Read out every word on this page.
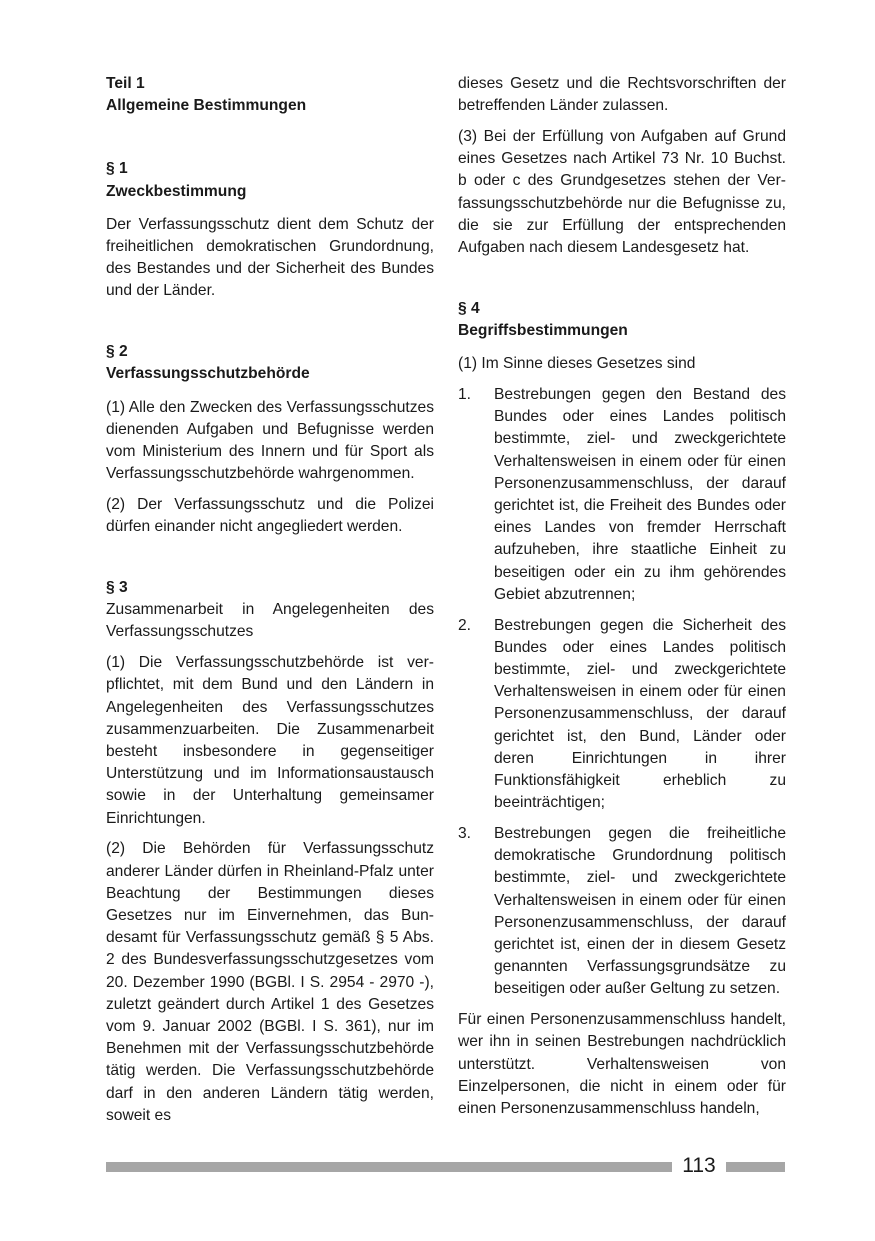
Teil 1
Allgemeine Bestimmungen
§ 1
Zweckbestimmung

Der Verfassungsschutz dient dem Schutz der freiheitlichen demokratischen Grundordnung, des Bestandes und der Sicherheit des Bundes und der Länder.

§ 2
Verfassungsschutzbehörde

(1) Alle den Zwecken des Verfassungsschutzes dienenden Aufgaben und Befugnisse werden vom Ministerium des Innern und für Sport als Verfassungsschutzbehörde wahrgenommen.

(2) Der Verfassungsschutz und die Polizei dürfen einander nicht angegliedert werden.

§ 3
Zusammenarbeit in Angelegenheiten des Verfassungsschutzes

(1) Die Verfassungsschutzbehörde ist verpflichtet, mit dem Bund und den Ländern in Angelegenheiten des Verfassungsschutzes zusammenzuarbeiten. Die Zusammenarbeit besteht insbesondere in gegenseitiger Unterstützung und im Informationsaustausch sowie in der Unterhaltung gemeinsamer Einrichtungen.

(2) Die Behörden für Verfassungsschutz anderer Länder dürfen in Rheinland-Pfalz unter Beachtung der Bestimmungen dieses Gesetzes nur im Einvernehmen, das Bundesamt für Verfassungsschutz gemäß § 5 Abs. 2 des Bundesverfassungsschutzgesetzes vom 20. Dezember 1990 (BGBl. I S. 2954 - 2970 -), zuletzt geändert durch Artikel 1 des Gesetzes vom 9. Januar 2002 (BGBl. I S. 361), nur im Benehmen mit der Verfassungsschutzbehörde tätig werden. Die Verfassungsschutzbehörde darf in den anderen Ländern tätig werden, soweit es

dieses Gesetz und die Rechtsvorschriften der betreffenden Länder zulassen.

(3) Bei der Erfüllung von Aufgaben auf Grund eines Gesetzes nach Artikel 73 Nr. 10 Buchst. b oder c des Grundgesetzes stehen der Verfassungsschutzbehörde nur die Befugnisse zu, die sie zur Erfüllung der entsprechenden Aufgaben nach diesem Landesgesetz hat.

§ 4
Begriffsbestimmungen

(1) Im Sinne dieses Gesetzes sind

1.	Bestrebungen gegen den Bestand des Bundes oder eines Landes politisch bestimmte, ziel- und zweckgerichtete Verhaltensweisen in einem oder für einen Personenzusammenschluss, der darauf gerichtet ist, die Freiheit des Bundes oder eines Landes von fremder Herrschaft aufzuheben, ihre staatliche Einheit zu beseitigen oder ein zu ihm gehörendes Gebiet abzutrennen;
2.	Bestrebungen gegen die Sicherheit des Bundes oder eines Landes politisch bestimmte, ziel- und zweckgerichtete Verhaltensweisen in einem oder für einen Personenzusammenschluss, der darauf gerichtet ist, den Bund, Länder oder deren Einrichtungen in ihrer Funktionsfähigkeit erheblich zu beeinträchtigen;
3.	Bestrebungen gegen die freiheitliche demokratische Grundordnung politisch bestimmte, ziel- und zweckgerichtete Verhaltensweisen in einem oder für einen Personenzusammenschluss, der darauf gerichtet ist, einen der in diesem Gesetz genannten Verfassungsgrundsätze zu beseitigen oder außer Geltung zu setzen.

Für einen Personenzusammenschluss handelt, wer ihn in seinen Bestrebungen nachdrücklich unterstützt. Verhaltensweisen von Einzelpersonen, die nicht in einem oder für einen Personenzusammenschluss handeln,

113
